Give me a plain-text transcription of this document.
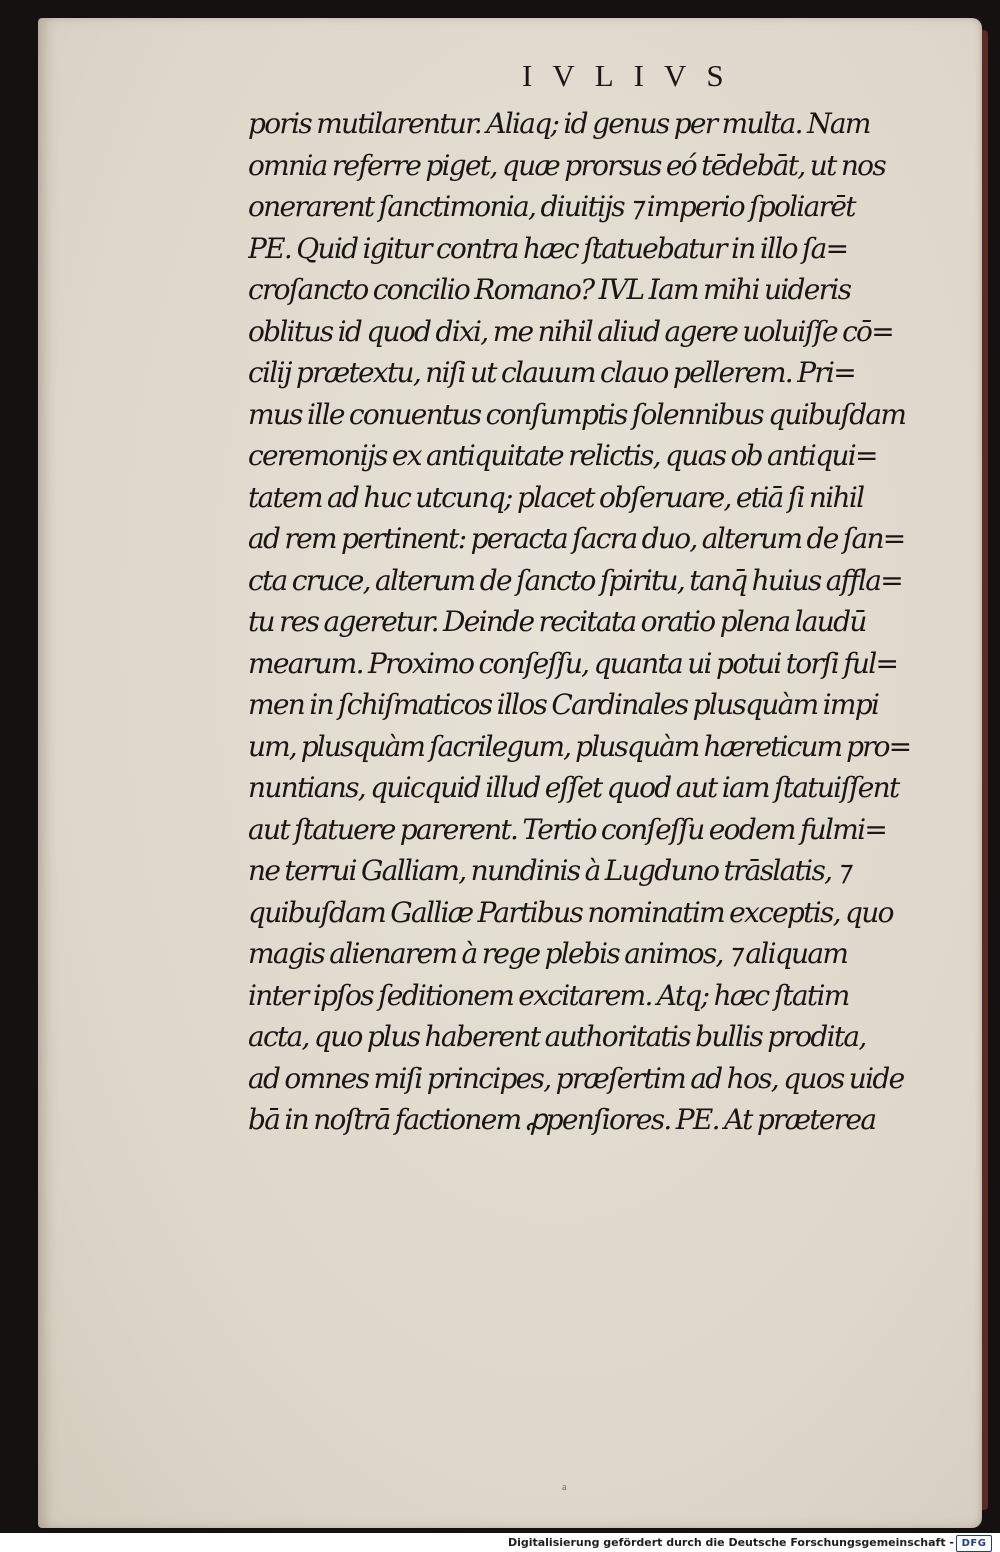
IVLIVS
poris mutilarentur. Aliaq; id genus per multa. Nam
omnia referre piget, quæ prorsus eó tēdebāt, ut nos
onerarent ſanctimonia, diuitijs ⁊ imperio ſpoliarēt
PE. Quid igitur contra hæc ſtatuebatur in illo ſa=
croſancto concilio Romano? IVL Iam mihi uideris
oblitus id quod dixi, me nihil aliud agere uoluiſſe cō=
cilij prætextu, niſi ut clauum clauo pellerem. Pri=
mus ille conuentus conſumptis ſolennibus quibuſdam
ceremonijs ex antiquitate relictis, quas ob antiqui=
tatem ad huc utcunq; placet obſeruare, etiā ſi nihil
ad rem pertinent: peracta ſacra duo, alterum de ſan=
cta cruce, alterum de ſancto ſpiritu, tanq̄ huius affla=
tu res ageretur. Deinde recitata oratio plena laudū
mearum. Proximo conſeſſu, quanta ui potui torſi ful=
men in ſchiſmaticos illos Cardinales plusquàm impi
um, plusquàm ſacrilegum, plusquàm hæreticum pro=
nuntians, quicquid illud eſſet quod aut iam ſtatuiſſent
aut ſtatuere parerent. Tertio conſeſſu eodem fulmi=
ne terrui Galliam, nundinis à Lugduno trāslatis, ⁊
quibuſdam Galliæ Partibus nominatim exceptis, quo
magis alienarem à rege plebis animos, ⁊ aliquam
inter ipſos ſeditionem excitarem. Atq; hæc ſtatim
acta, quo plus haberent authoritatis bullis prodita,
ad omnes miſi principes, præſertim ad hos, quos uide
bā in noſtrā factionem ꝓpenſiores. PE. At præterea
a
Digitalisierung gefördert durch die Deutsche Forschungsgemeinschaft - DFG
